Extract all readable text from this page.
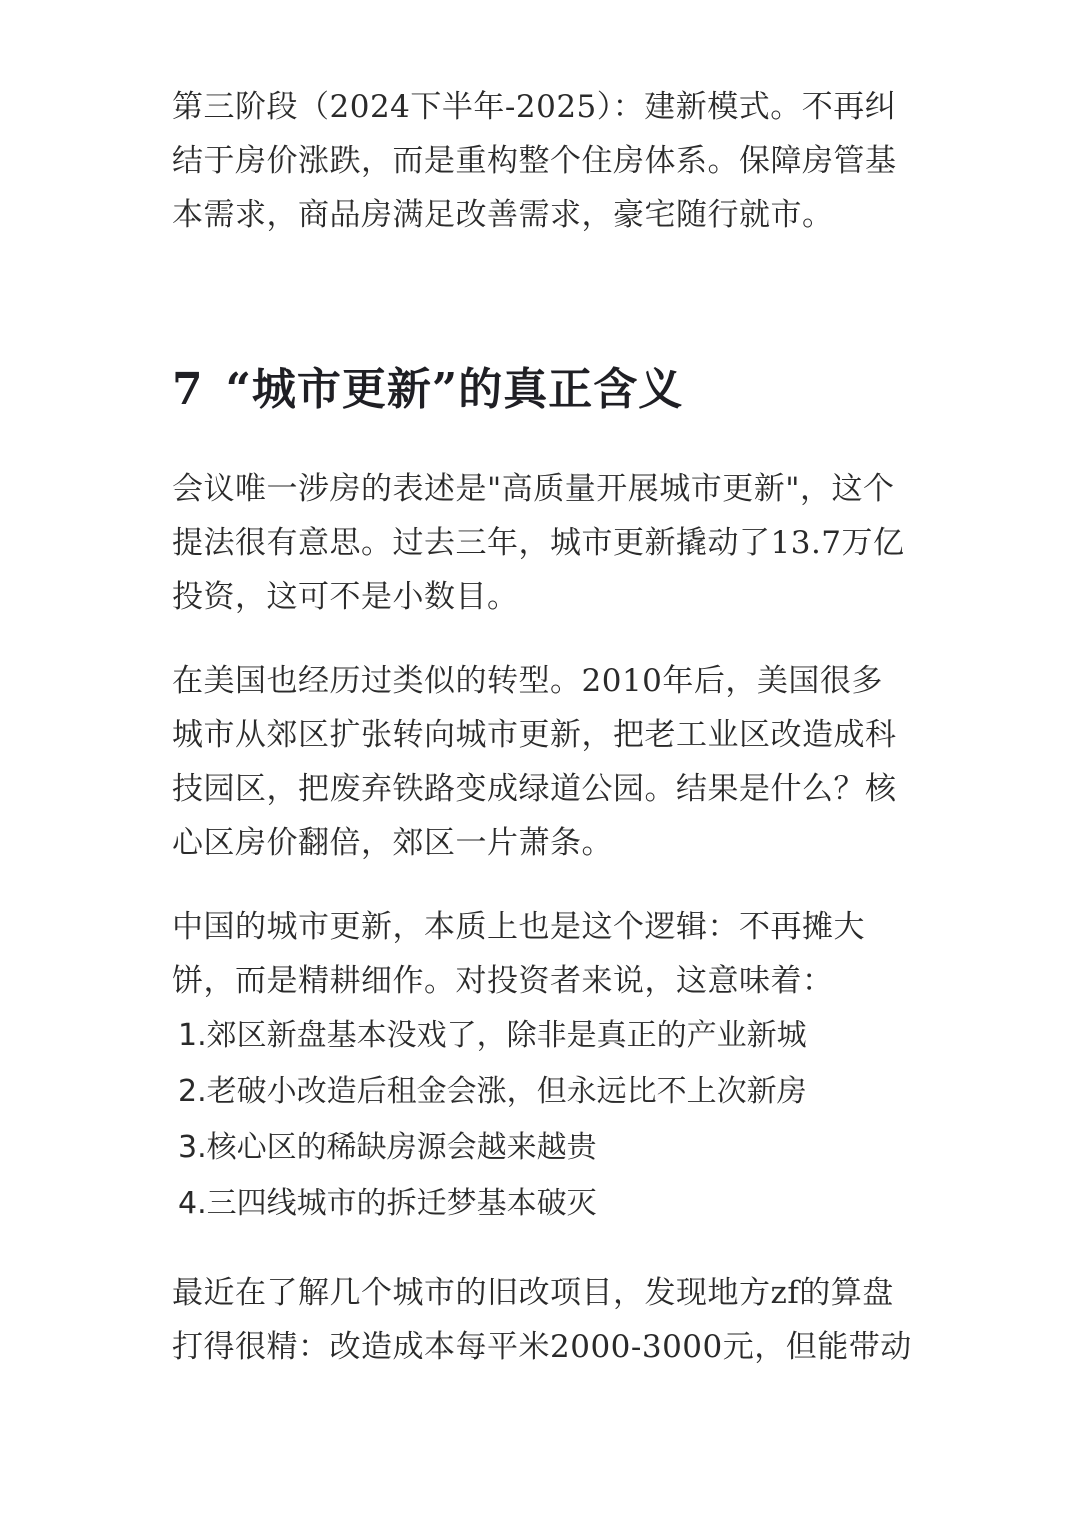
第三阶段（2024下半年-2025）：建新模式。不再纠结于房价涨跌，而是重构整个住房体系。保障房管基本需求，商品房满足改善需求，豪宅随行就市。

7 “城市更新”的真正含义

会议唯一涉房的表述是"高质量开展城市更新"，这个提法很有意思。过去三年，城市更新撬动了13.7万亿投资，这可不是小数目。

在美国也经历过类似的转型。2010年后，美国很多城市从郊区扩张转向城市更新，把老工业区改造成科技园区，把废弃铁路变成绿道公园。结果是什么？核心区房价翻倍，郊区一片萧条。

中国的城市更新，本质上也是这个逻辑：不再摊大饼，而是精耕细作。对投资者来说，这意味着：

1.郊区新盘基本没戏了，除非是真正的产业新城
2.老破小改造后租金会涨，但永远比不上次新房
3.核心区的稀缺房源会越来越贵
4.三四线城市的拆迁梦基本破灭

最近在了解几个城市的旧改项目，发现地方zf的算盘打得很精：改造成本每平米2000-3000元，但能带动
